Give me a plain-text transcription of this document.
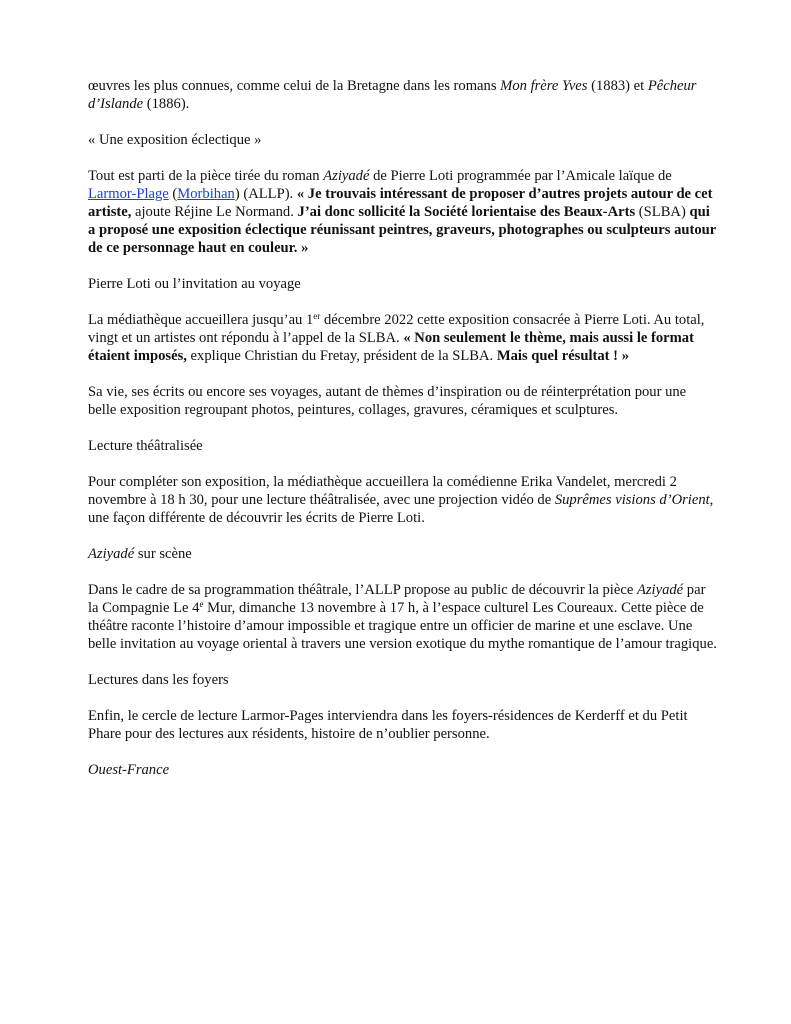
œuvres les plus connues, comme celui de la Bretagne dans les romans Mon frère Yves (1883) et Pêcheur d’Islande (1886).

« Une exposition éclectique »

Tout est parti de la pièce tirée du roman Aziyadé de Pierre Loti programmée par l’Amicale laïque de Larmor-Plage (Morbihan) (ALLP). « Je trouvais intéressant de proposer d’autres projets autour de cet artiste, ajoute Réjine Le Normand. J’ai donc sollicité la Société lorientaise des Beaux-Arts (SLBA) qui a proposé une exposition éclectique réunissant peintres, graveurs, photographes ou sculpteurs autour de ce personnage haut en couleur. »

Pierre Loti ou l’invitation au voyage

La médiathèque accueillera jusqu’au 1er décembre 2022 cette exposition consacrée à Pierre Loti. Au total, vingt et un artistes ont répondu à l’appel de la SLBA. « Non seulement le thème, mais aussi le format étaient imposés, explique Christian du Fretay, président de la SLBA. Mais quel résultat ! »

Sa vie, ses écrits ou encore ses voyages, autant de thèmes d’inspiration ou de réinterprétation pour une belle exposition regroupant photos, peintures, collages, gravures, céramiques et sculptures.

Lecture théâtralisée

Pour compléter son exposition, la médiathèque accueillera la comédienne Erika Vandelet, mercredi 2 novembre à 18 h 30, pour une lecture théâtralisée, avec une projection vidéo de Suprêmes visions d’Orient, une façon différente de découvrir les écrits de Pierre Loti.

Aziyadé sur scène

Dans le cadre de sa programmation théâtrale, l’ALLP propose au public de découvrir la pièce Aziyadé par la Compagnie Le 4e Mur, dimanche 13 novembre à 17 h, à l’espace culturel Les Coureaux. Cette pièce de théâtre raconte l’histoire d’amour impossible et tragique entre un officier de marine et une esclave. Une belle invitation au voyage oriental à travers une version exotique du mythe romantique de l’amour tragique.

Lectures dans les foyers

Enfin, le cercle de lecture Larmor-Pages interviendra dans les foyers-résidences de Kerderff et du Petit Phare pour des lectures aux résidents, histoire de n’oublier personne.

Ouest-France
